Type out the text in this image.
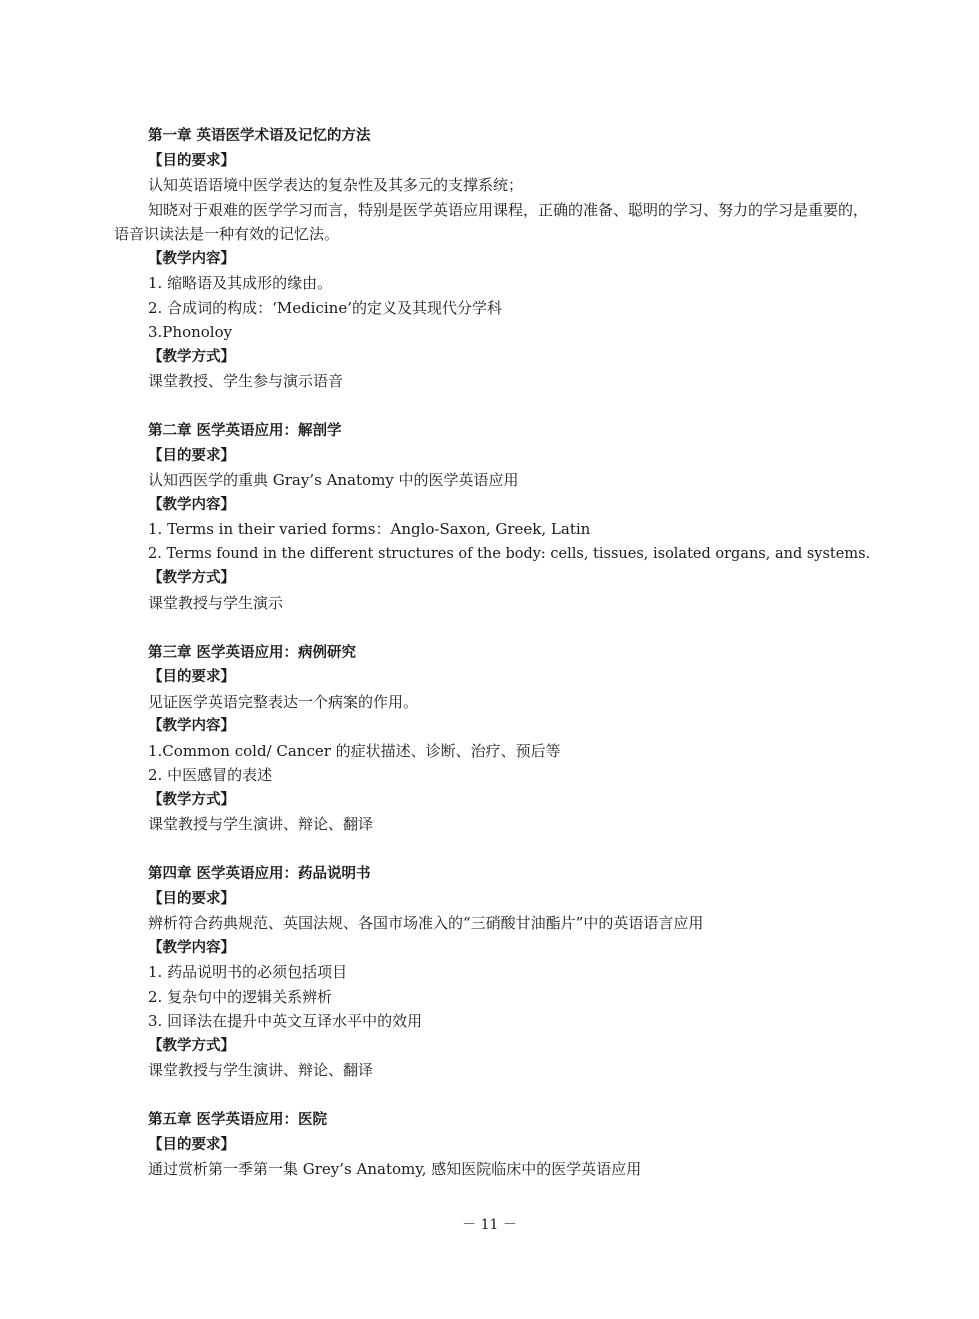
第一章 英语医学术语及记忆的方法
【目的要求】
认知英语语境中医学表达的复杂性及其多元的支撑系统；
知晓对于艰难的医学学习而言，特别是医学英语应用课程，正确的准备、聪明的学习、努力的学习是重要的，语音识读法是一种有效的记忆法。
【教学内容】
1. 缩略语及其成形的缘由。
2. 合成词的构成：‘Medicine’的定义及其现代分学科
3.Phonoloy
【教学方式】
课堂教授、学生参与演示语音
第二章 医学英语应用：解剖学
【目的要求】
认知西医学的重典 Gray’s Anatomy 中的医学英语应用
【教学内容】
1. Terms in their varied forms：Anglo-Saxon, Greek, Latin
2. Terms found in the different structures of the body: cells, tissues, isolated organs, and systems.
【教学方式】
课堂教授与学生演示
第三章 医学英语应用：病例研究
【目的要求】
见证医学英语完整表达一个病案的作用。
【教学内容】
1.Common cold/ Cancer 的症状描述、诊断、治疗、预后等
2. 中医感冒的表述
【教学方式】
课堂教授与学生演讲、辩论、翻译
第四章 医学英语应用：药品说明书
【目的要求】
辨析符合药典规范、英国法规、各国市场准入的“三硝酸甘油酯片”中的英语语言应用
【教学内容】
1. 药品说明书的必须包括项目
2. 复杂句中的逻辑关系辨析
3. 回译法在提升中英文互译水平中的效用
【教学方式】
课堂教授与学生演讲、辩论、翻译
第五章 医学英语应用：医院
【目的要求】
通过赏析第一季第一集 Grey’s Anatomy, 感知医院临床中的医学英语应用
－ 11 －
